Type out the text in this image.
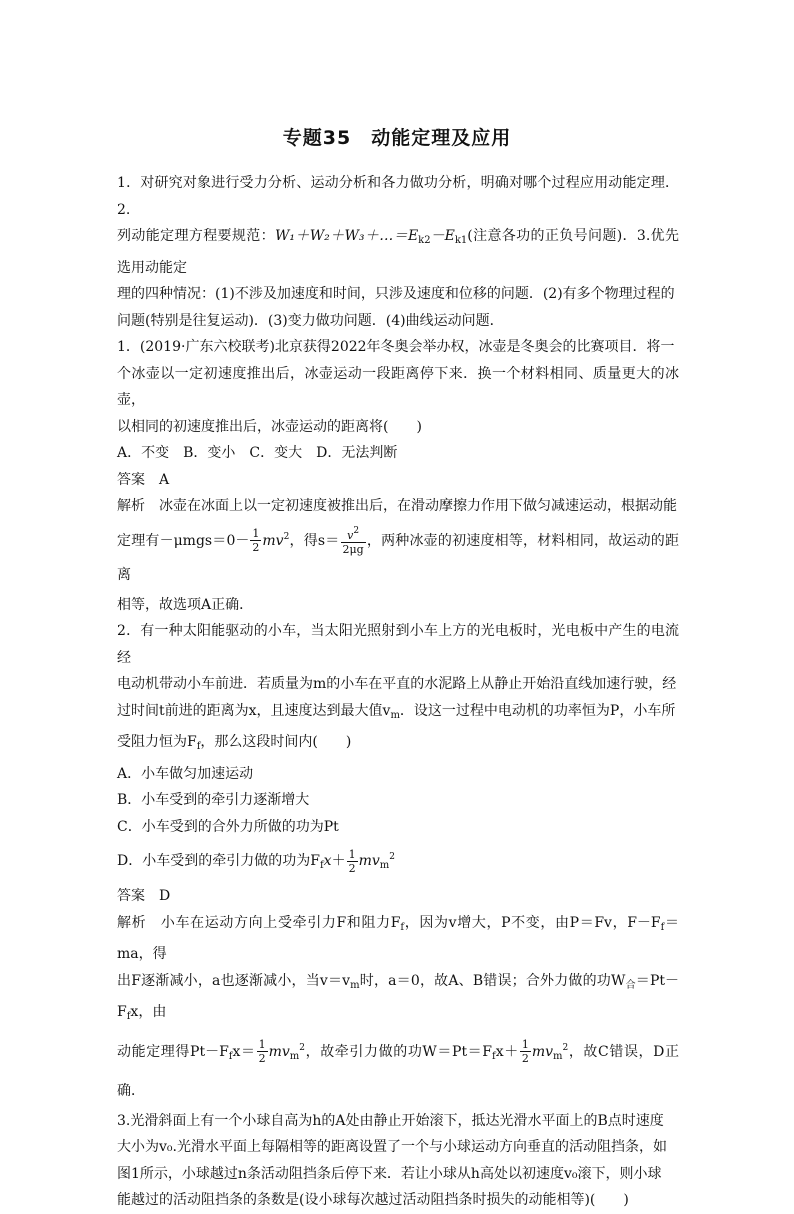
专题35　动能定理及应用

1．对研究对象进行受力分析、运动分析和各力做功分析，明确对哪个过程应用动能定理．2.

列动能定理方程要规范：$W_1+W_2+W_3+\dots=E_{k2}-E_{k1}$(注意各功的正负号问题)．3.优先选用动能定

理的四种情况：(1)不涉及加速度和时间，只涉及速度和位移的问题．(2)有多个物理过程的

问题(特别是往复运动)．(3)变力做功问题．(4)曲线运动问题．

1．(2019·广东六校联考)北京获得2022年冬奥会举办权，冰壶是冬奥会的比赛项目．将一

个冰壶以一定初速度推出后，冰壶运动一段距离停下来．换一个材料相同、质量更大的冰壶，

以相同的初速度推出后，冰壶运动的距离将(　　)

A．不变　B．变小　C．变大　D．无法判断

答案　A

解析　冰壶在冰面上以一定初速度被推出后，在滑动摩擦力作用下做匀减速运动，根据动能

定理有$-\mu mgs=0- \frac{1}{2} mv^2$，得$s= \frac{v^2}{2\mu g}$ ，两种冰壶的初速度相等，材料相同，故运动的距离

相等，故选项A正确．

2．有一种太阳能驱动的小车，当太阳光照射到小车上方的光电板时，光电板中产生的电流经

电动机带动小车前进．若质量为m的小车在平直的水泥路上从静止开始沿直线加速行驶，经

过时间t前进的距离为x，且速度达到最大值$v_m$．设这一过程中电动机的功率恒为P，小车所

受阻力恒为$F_f$，那么这段时间内(　　)

A．小车做匀加速运动

B．小车受到的牵引力逐渐增大

C．小车受到的合外力所做的功为Pt

D．小车受到的牵引力做的功为$F_fx+ \frac{1}{2} mv_m^2$

答案　D

解析　小车在运动方向上受牵引力F和阻力$F_f$，因为v增大，P不变，由P＝Fv，$F-F_f=ma$，得

出F逐渐减小，a也逐渐减小，当$v=v_m$时，a＝0，故A、B错误；合外力做的功$W_合=Pt-F_fx$，由

动能定理得$Pt-F_fx= \frac{1}{2} mv_m^2$，故牵引力做的功$W=Pt=F_fx+ \frac{1}{2} mv_m^2$，故C错误，D正确．

3.光滑斜面上有一个小球自高为h的A处由静止开始滚下，抵达光滑水平面上的B点时速度

大小为v₀.光滑水平面上每隔相等的距离设置了一个与小球运动方向垂直的活动阻挡条，如

图1所示，小球越过n条活动阻挡条后停下来．若让小球从h高处以初速度v₀滚下，则小球

能越过的活动阻挡条的条数是(设小球每次越过活动阻挡条时损失的动能相等)(　　)
